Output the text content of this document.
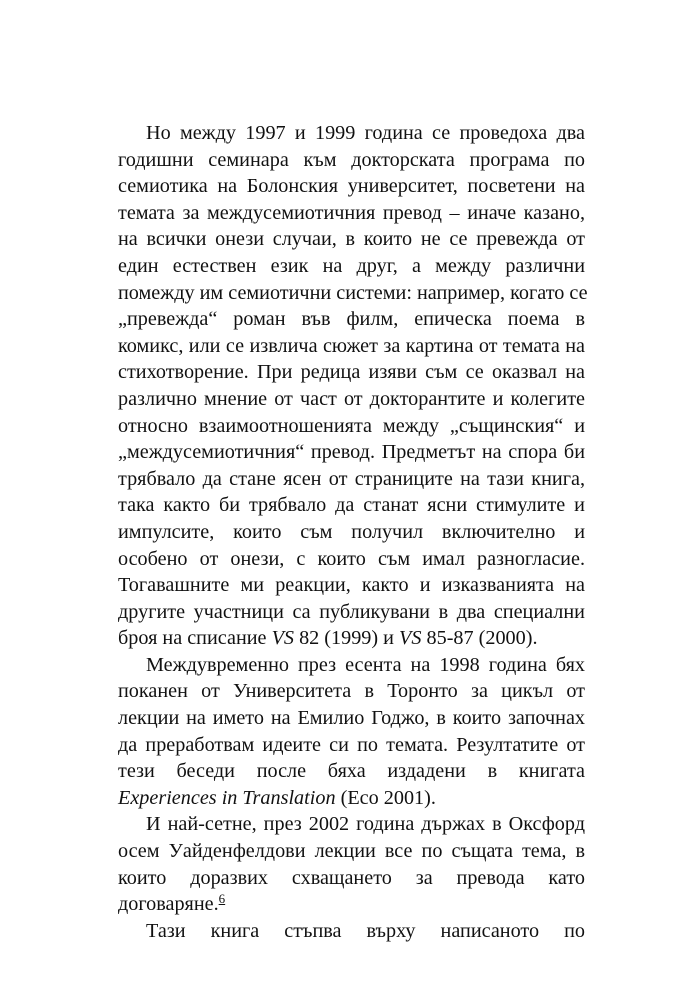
Но между 1997 и 1999 година се проведоха два
годишни семинара към докторската програма по
семиотика на Болонския университет, посветени на
темата за междусемиотичния превод – иначе казано,
на всички онези случаи, в които не се превежда от
един естествен език на друг, а между различни
помежду им семиотични системи: например, когато се
„превежда“ роман във филм, епическа поема в
комикс, или се извлича сюжет за картина от темата на
стихотворение. При редица изяви съм се оказвал на
различно мнение от част от докторантите и колегите
относно взаимоотношенията между „същинския“ и
„междусемиотичния“ превод. Предметът на спора би
трябвало да стане ясен от страниците на тази книга,
така както би трябвало да станат ясни стимулите и
импулсите, които съм получил включително и
особено от онези, с които съм имал разногласие.
Тогавашните ми реакции, както и изказванията на
другите участници са публикувани в два специални
броя на списание VS 82 (1999) и VS 85-87 (2000).
Междувременно през есента на 1998 година бях
поканен от Университета в Торонто за цикъл от
лекции на името на Емилио Годжо, в които започнах
да преработвам идеите си по темата. Резултатите от
тези беседи после бяха издадени в книгата
Experiences in Translation (Eco 2001).
И най-сетне, през 2002 година държах в Оксфорд
осем Уайденфелдови лекции все по същата тема, в
които доразвих схващането за превода като
договаряне.$^6$
Тази книга стъпва върху написаното по
